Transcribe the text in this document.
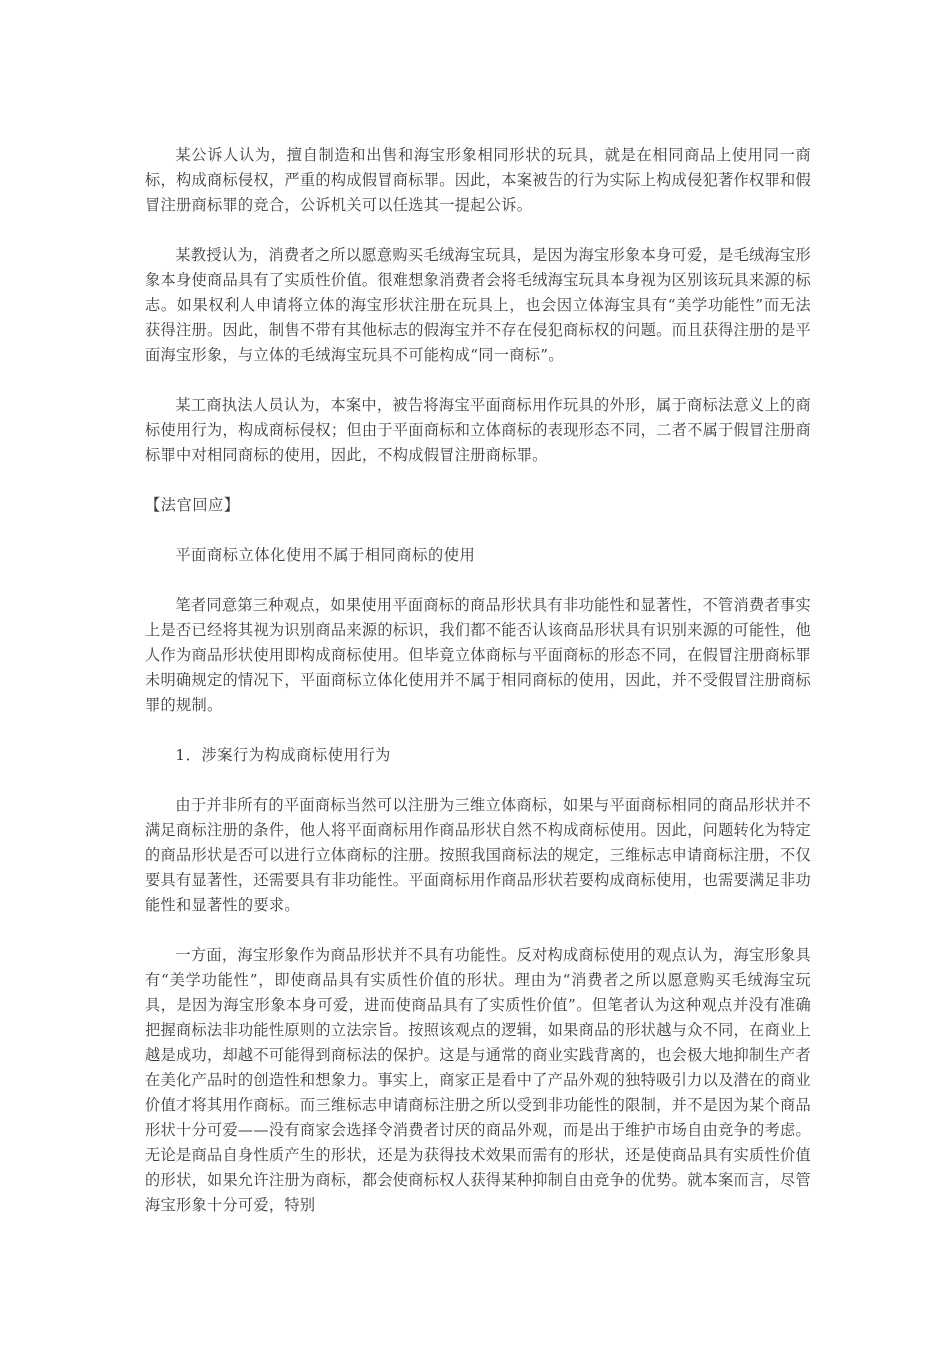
某公诉人认为，擅自制造和出售和海宝形象相同形状的玩具，就是在相同商品上使用同一商标，构成商标侵权，严重的构成假冒商标罪。因此，本案被告的行为实际上构成侵犯著作权罪和假冒注册商标罪的竞合，公诉机关可以任选其一提起公诉。

某教授认为，消费者之所以愿意购买毛绒海宝玩具，是因为海宝形象本身可爱，是毛绒海宝形象本身使商品具有了实质性价值。很难想象消费者会将毛绒海宝玩具本身视为区别该玩具来源的标志。如果权利人申请将立体的海宝形状注册在玩具上，也会因立体海宝具有“美学功能性”而无法获得注册。因此，制售不带有其他标志的假海宝并不存在侵犯商标权的问题。而且获得注册的是平面海宝形象，与立体的毛绒海宝玩具不可能构成“同一商标”。

某工商执法人员认为，本案中，被告将海宝平面商标用作玩具的外形，属于商标法意义上的商标使用行为，构成商标侵权；但由于平面商标和立体商标的表现形态不同，二者不属于假冒注册商标罪中对相同商标的使用，因此，不构成假冒注册商标罪。

【法官回应】

平面商标立体化使用不属于相同商标的使用

笔者同意第三种观点，如果使用平面商标的商品形状具有非功能性和显著性，不管消费者事实上是否已经将其视为识别商品来源的标识，我们都不能否认该商品形状具有识别来源的可能性，他人作为商品形状使用即构成商标使用。但毕竟立体商标与平面商标的形态不同，在假冒注册商标罪未明确规定的情况下，平面商标立体化使用并不属于相同商标的使用，因此，并不受假冒注册商标罪的规制。

1．涉案行为构成商标使用行为

由于并非所有的平面商标当然可以注册为三维立体商标，如果与平面商标相同的商品形状并不满足商标注册的条件，他人将平面商标用作商品形状自然不构成商标使用。因此，问题转化为特定的商品形状是否可以进行立体商标的注册。按照我国商标法的规定，三维标志申请商标注册，不仅要具有显著性，还需要具有非功能性。平面商标用作商品形状若要构成商标使用，也需要满足非功能性和显著性的要求。

一方面，海宝形象作为商品形状并不具有功能性。反对构成商标使用的观点认为，海宝形象具有“美学功能性”，即使商品具有实质性价值的形状。理由为“消费者之所以愿意购买毛绒海宝玩具，是因为海宝形象本身可爱，进而使商品具有了实质性价值”。但笔者认为这种观点并没有准确把握商标法非功能性原则的立法宗旨。按照该观点的逻辑，如果商品的形状越与众不同，在商业上越是成功，却越不可能得到商标法的保护。这是与通常的商业实践背离的，也会极大地抑制生产者在美化产品时的创造性和想象力。事实上，商家正是看中了产品外观的独特吸引力以及潜在的商业价值才将其用作商标。而三维标志申请商标注册之所以受到非功能性的限制，并不是因为某个商品形状十分可爱——没有商家会选择令消费者讨厌的商品外观，而是出于维护市场自由竞争的考虑。无论是商品自身性质产生的形状，还是为获得技术效果而需有的形状，还是使商品具有实质性价值的形状，如果允许注册为商标，都会使商标权人获得某种抑制自由竞争的优势。就本案而言，尽管海宝形象十分可爱，特别
